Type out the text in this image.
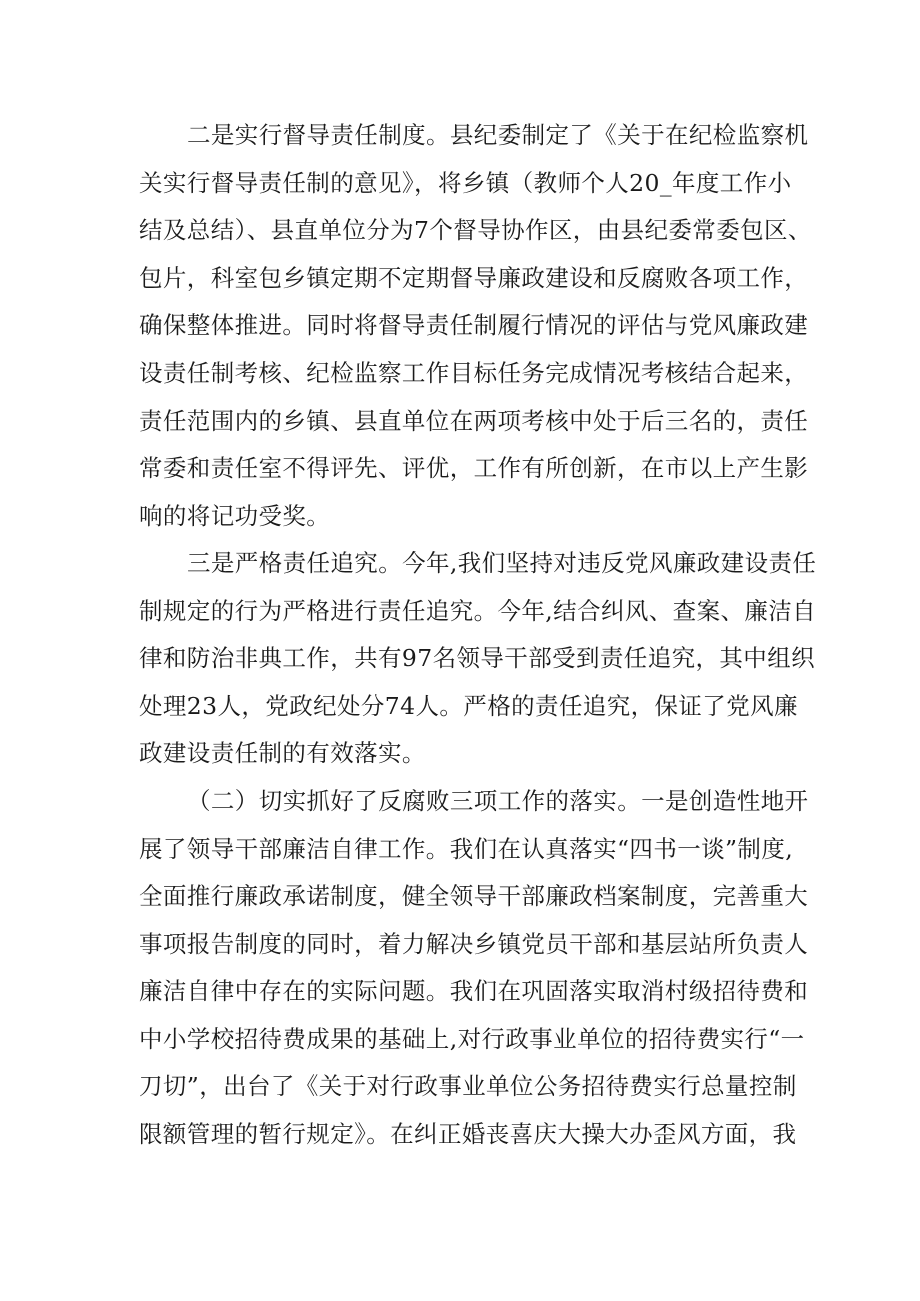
二是实行督导责任制度。县纪委制定了《关于在纪检监察机
关实行督导责任制的意见》，将乡镇（教师个人20_年度工作小
结及总结）、县直单位分为7个督导协作区，由县纪委常委包区、
包片，科室包乡镇定期不定期督导廉政建设和反腐败各项工作，
确保整体推进。同时将督导责任制履行情况的评估与党风廉政建
设责任制考核、纪检监察工作目标任务完成情况考核结合起来，
责任范围内的乡镇、县直单位在两项考核中处于后三名的，责任
常委和责任室不得评先、评优，工作有所创新，在市以上产生影
响的将记功受奖。
三是严格责任追究。今年,我们坚持对违反党风廉政建设责任
制规定的行为严格进行责任追究。今年,结合纠风、查案、廉洁自
律和防治非典工作，共有97名领导干部受到责任追究，其中组织
处理23人，党政纪处分74人。严格的责任追究，保证了党风廉
政建设责任制的有效落实。
（二）切实抓好了反腐败三项工作的落实。一是创造性地开
展了领导干部廉洁自律工作。我们在认真落实“四书一谈”制度,
全面推行廉政承诺制度，健全领导干部廉政档案制度，完善重大
事项报告制度的同时，着力解决乡镇党员干部和基层站所负责人
廉洁自律中存在的实际问题。我们在巩固落实取消村级招待费和
中小学校招待费成果的基础上,对行政事业单位的招待费实行“一
刀切”，出台了《关于对行政事业单位公务招待费实行总量控制
限额管理的暂行规定》。在纠正婚丧喜庆大操大办歪风方面，我
